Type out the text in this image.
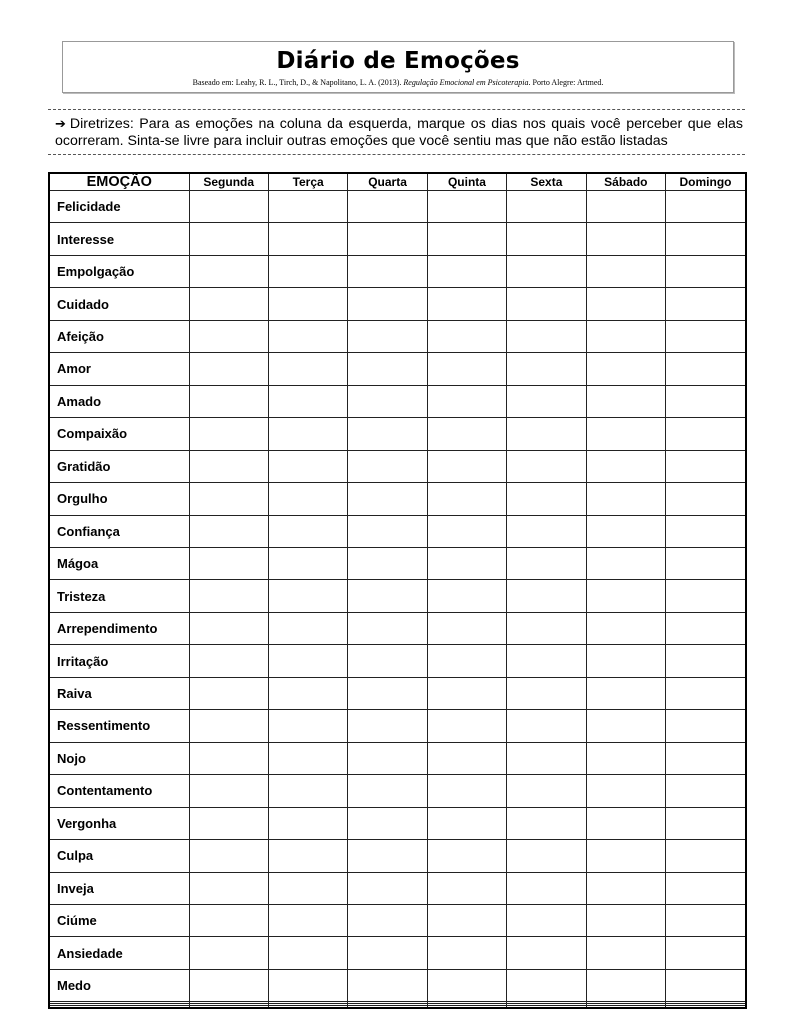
Diário de Emoções
Baseado em: Leahy, R. L., Tirch, D., & Napolitano, L. A. (2013). Regulação Emocional em Psicoterapia. Porto Alegre: Artmed.
➔ Diretrizes: Para as emoções na coluna da esquerda, marque os dias nos quais você perceber que elas ocorreram. Sinta-se livre para incluir outras emoções que você sentiu mas que não estão listadas
EMOÇÃO	Segunda	Terça	Quarta	Quinta	Sexta	Sábado	Domingo
Felicidade							
Interesse							
Empolgação							
Cuidado							
Afeição							
Amor							
Amado							
Compaixão							
Gratidão							
Orgulho							
Confiança							
Mágoa							
Tristeza							
Arrependimento							
Irritação							
Raiva							
Ressentimento							
Nojo							
Contentamento							
Vergonha							
Culpa							
Inveja							
Ciúme							
Ansiedade							
Medo							
